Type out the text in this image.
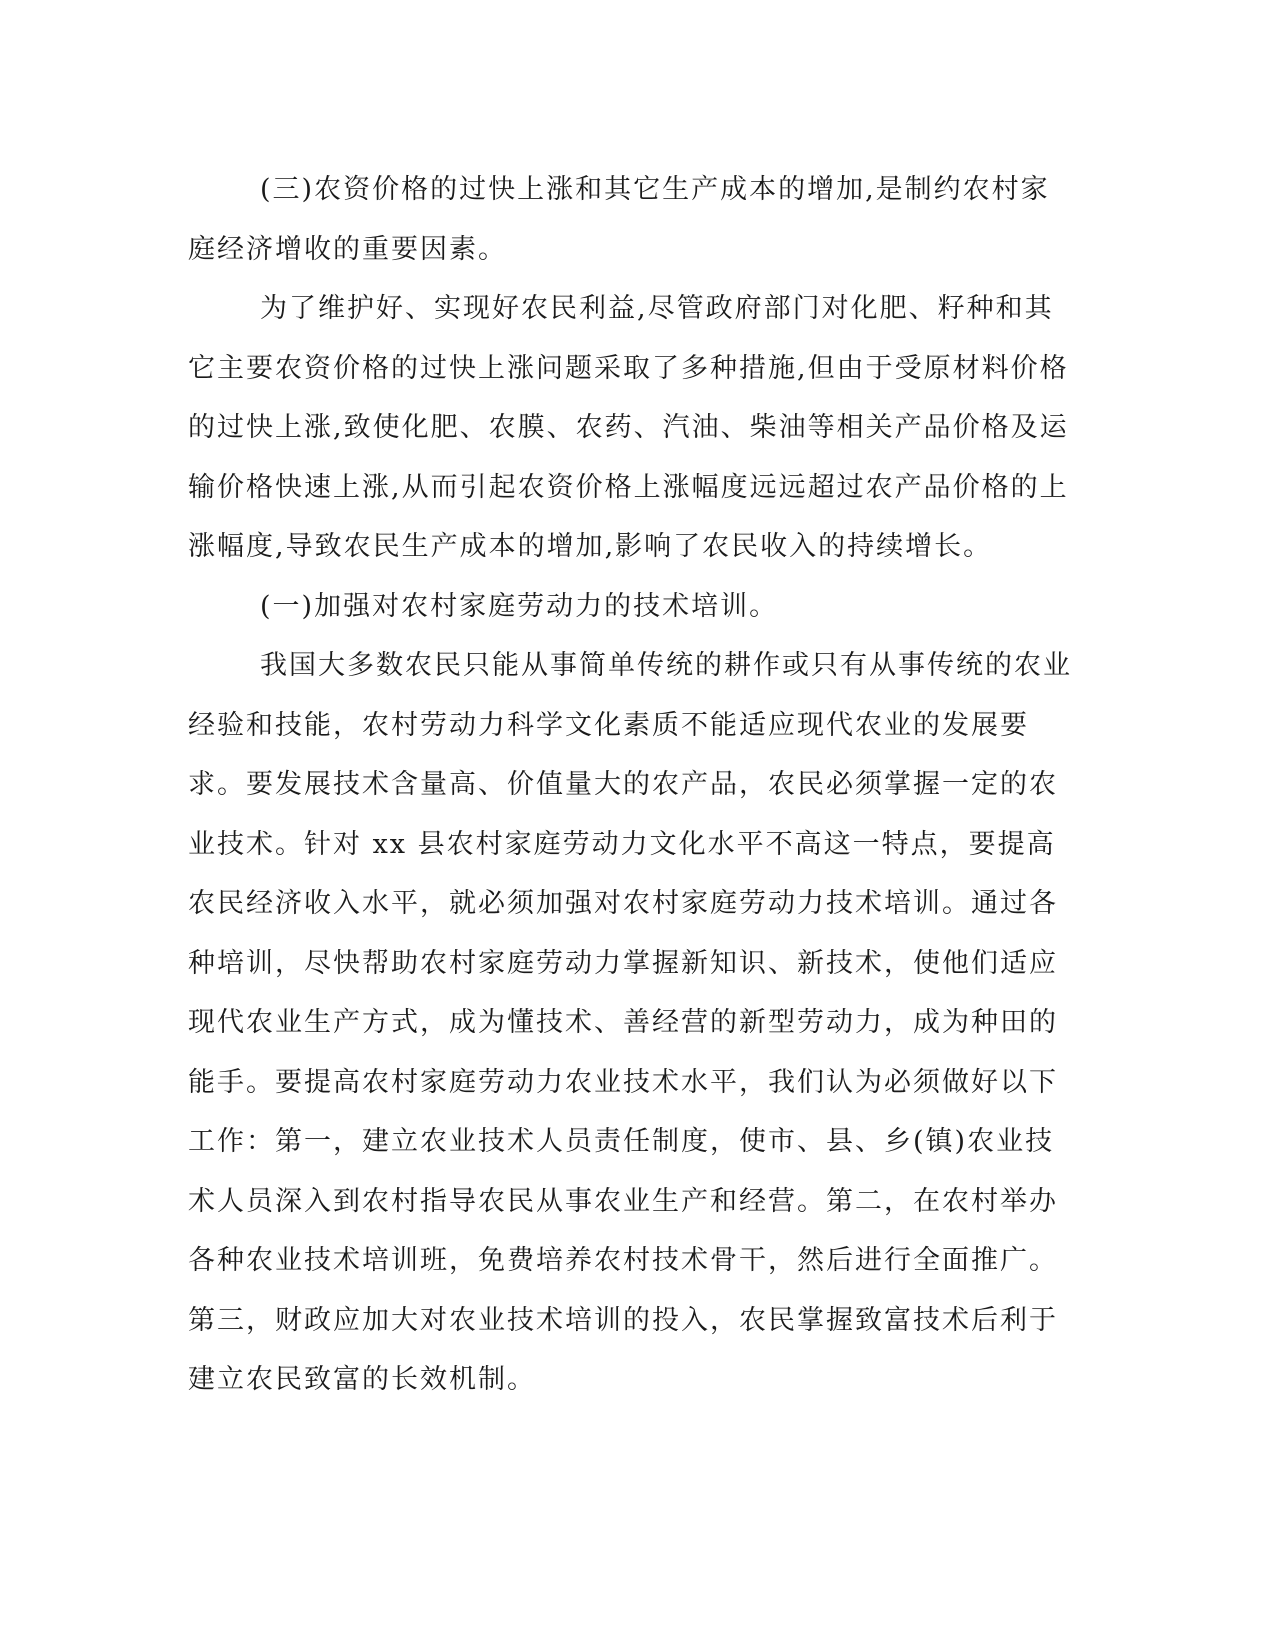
(三)农资价格的过快上涨和其它生产成本的增加,是制约农村家庭经济增收的重要因素。

为了维护好、实现好农民利益,尽管政府部门对化肥、籽种和其它主要农资价格的过快上涨问题采取了多种措施,但由于受原材料价格的过快上涨,致使化肥、农膜、农药、汽油、柴油等相关产品价格及运输价格快速上涨,从而引起农资价格上涨幅度远远超过农产品价格的上涨幅度,导致农民生产成本的增加,影响了农民收入的持续增长。

(一)加强对农村家庭劳动力的技术培训。

我国大多数农民只能从事简单传统的耕作或只有从事传统的农业经验和技能，农村劳动力科学文化素质不能适应现代农业的发展要求。要发展技术含量高、价值量大的农产品，农民必须掌握一定的农业技术。针对 xx 县农村家庭劳动力文化水平不高这一特点，要提高农民经济收入水平，就必须加强对农村家庭劳动力技术培训。通过各种培训，尽快帮助农村家庭劳动力掌握新知识、新技术，使他们适应现代农业生产方式，成为懂技术、善经营的新型劳动力，成为种田的能手。要提高农村家庭劳动力农业技术水平，我们认为必须做好以下工作：第一，建立农业技术人员责任制度，使市、县、乡(镇)农业技术人员深入到农村指导农民从事农业生产和经营。第二，在农村举办各种农业技术培训班，免费培养农村技术骨干，然后进行全面推广。第三，财政应加大对农业技术培训的投入，农民掌握致富技术后利于建立农民致富的长效机制。
